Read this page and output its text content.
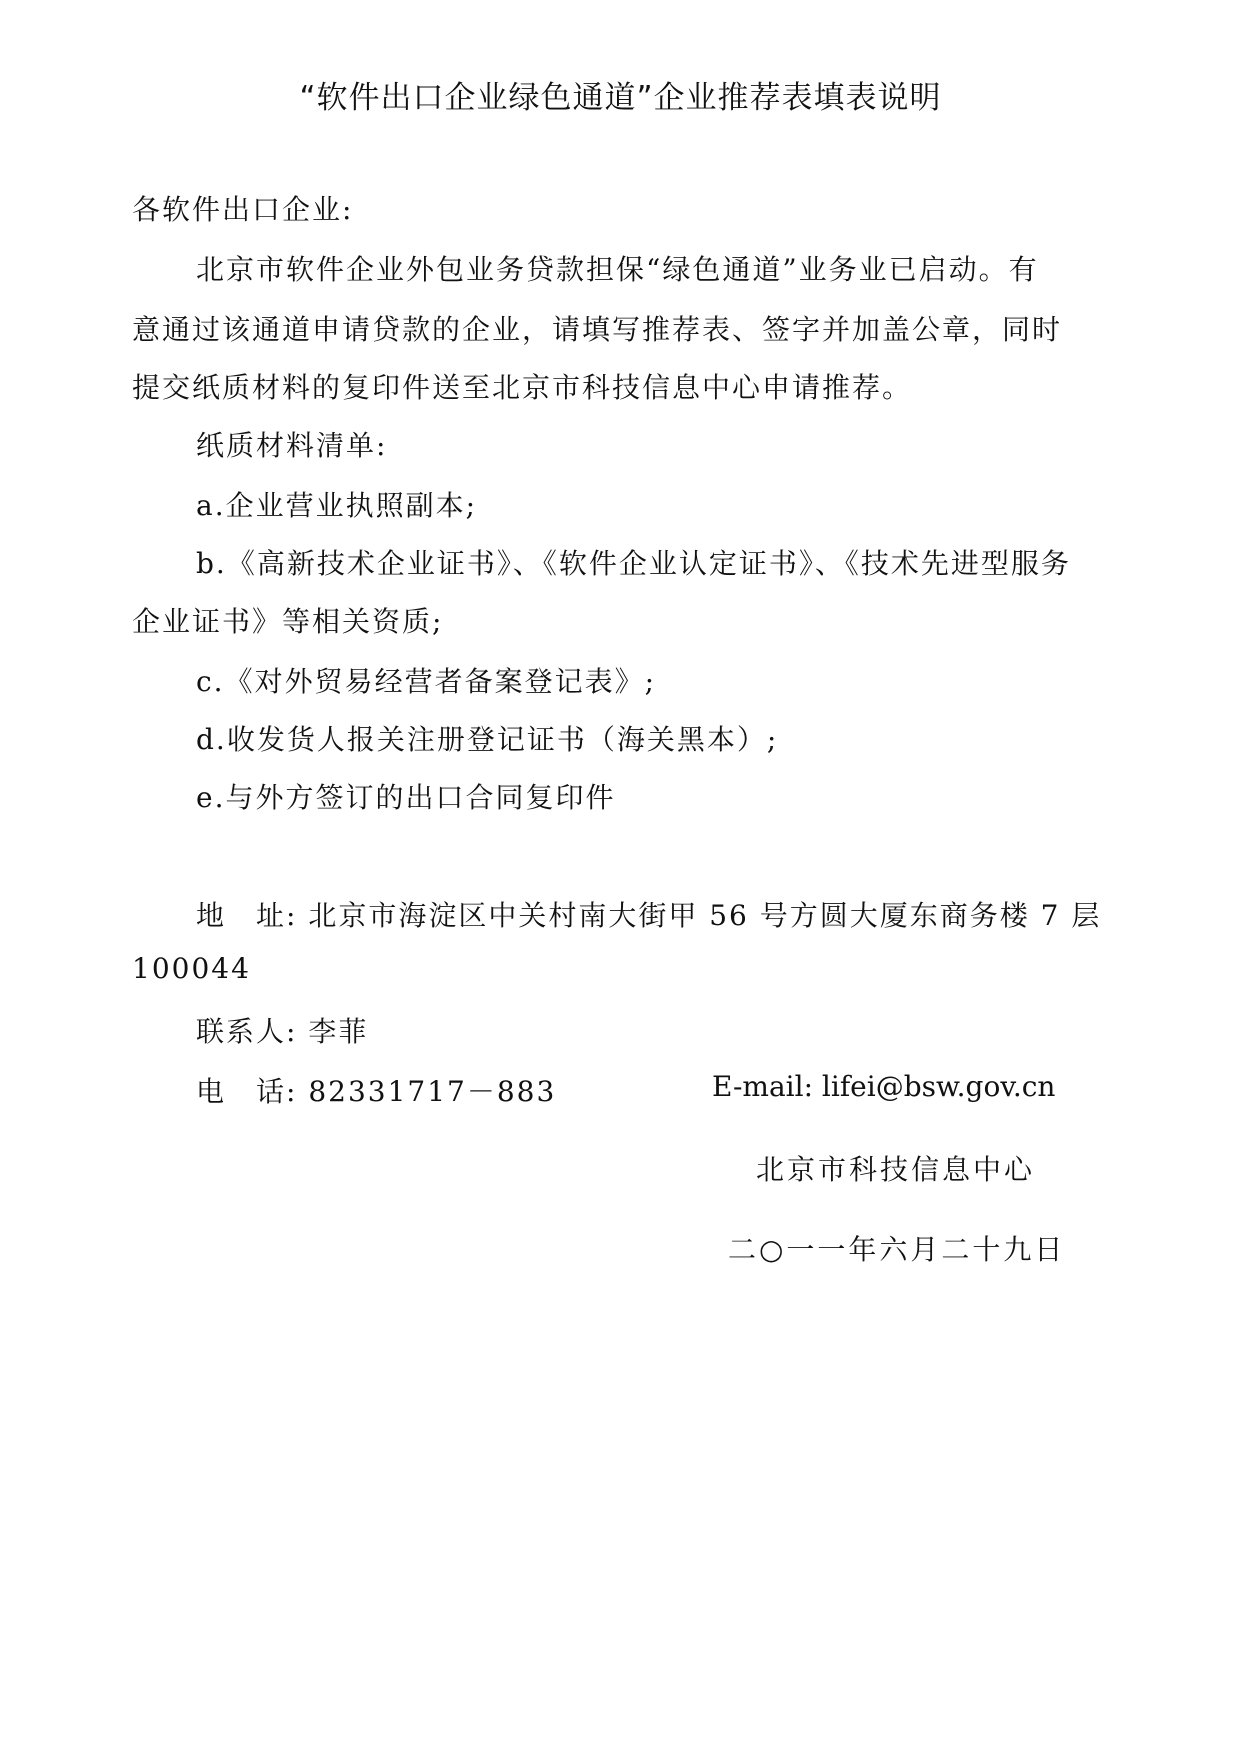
“软件出口企业绿色通道”企业推荐表填表说明
各软件出口企业:
北京市软件企业外包业务贷款担保“绿色通道”业务业已启动。有
意通过该通道申请贷款的企业，请填写推荐表、签字并加盖公章，同时
提交纸质材料的复印件送至北京市科技信息中心申请推荐。
纸质材料清单:
a.企业营业执照副本;
b.《高新技术企业证书》、《软件企业认定证书》、《技术先进型服务
企业证书》等相关资质;
c.《对外贸易经营者备案登记表》;
d.收发货人报关注册登记证书（海关黑本）;
e.与外方签订的出口合同复印件
地　址: 北京市海淀区中关村南大街甲 56 号方圆大厦东商务楼 7 层
100044
联系人: 李菲
电　话: 82331717－883	E-mail: lifei@bsw.gov.cn
北京市科技信息中心
二○一一年六月二十九日
